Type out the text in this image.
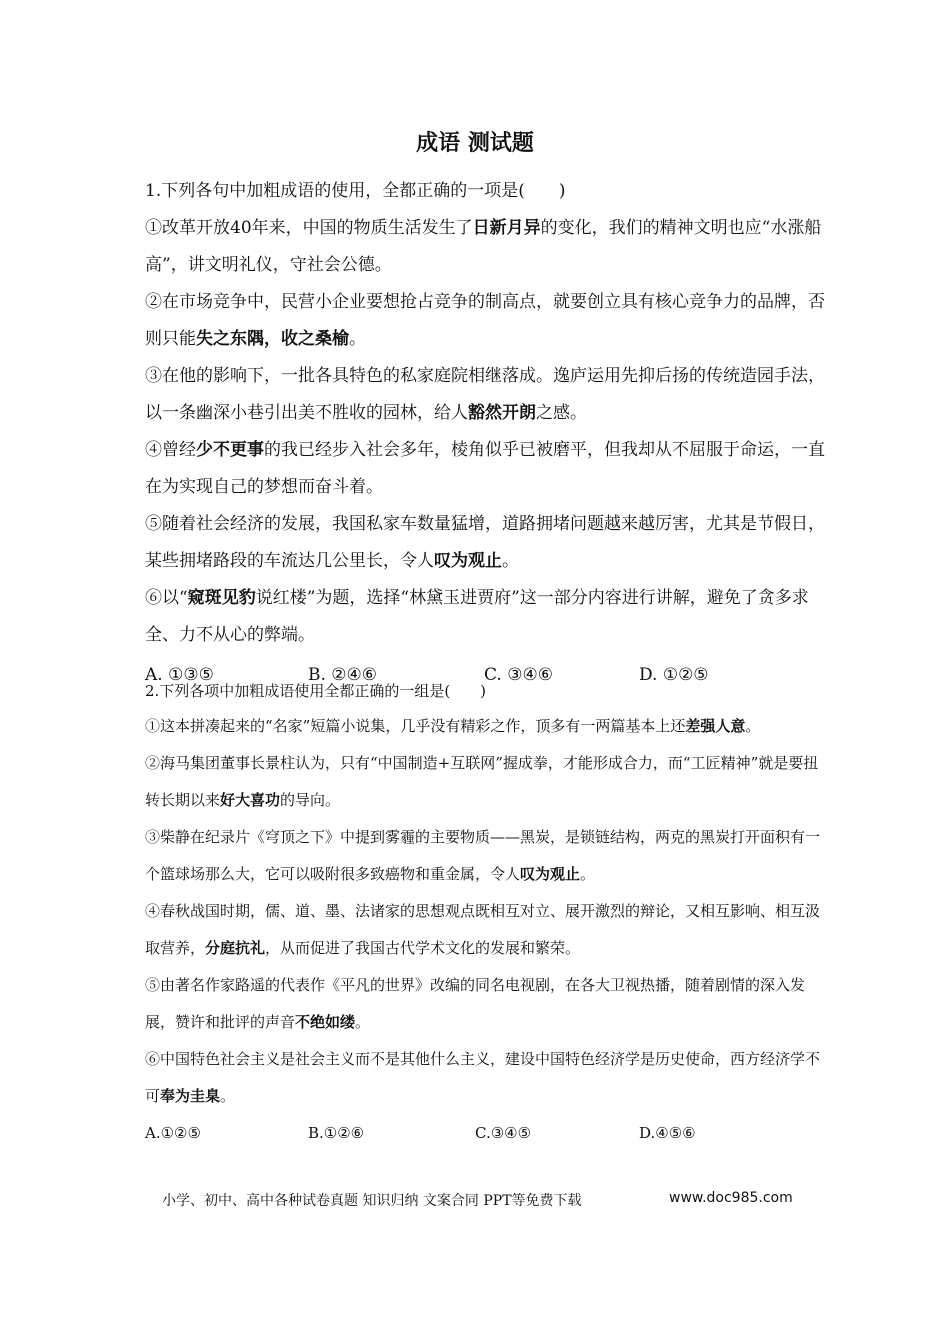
成语 测试题

1.下列各句中加粗成语的使用，全都正确的一项是(　　)

①改革开放40年来，中国的物质生活发生了日新月异的变化，我们的精神文明也应“水涨船高”，讲文明礼仪，守社会公德。

②在市场竞争中，民营小企业要想抢占竞争的制高点，就要创立具有核心竞争力的品牌，否则只能失之东隅，收之桑榆。

③在他的影响下，一批各具特色的私家庭院相继落成。逸庐运用先抑后扬的传统造园手法，以一条幽深小巷引出美不胜收的园林，给人豁然开朗之感。

④曾经少不更事的我已经步入社会多年，棱角似乎已被磨平，但我却从不屈服于命运，一直在为实现自己的梦想而奋斗着。

⑤随着社会经济的发展，我国私家车数量猛增，道路拥堵问题越来越厉害，尤其是节假日，某些拥堵路段的车流达几公里长，令人叹为观止。

⑥以“窥斑见豹说红楼”为题，选择“林黛玉进贾府”这一部分内容进行讲解，避免了贪多求全、力不从心的弊端。

A. ①③⑤	B. ②④⑥	C. ③④⑥	D. ①②⑤

2.下列各项中加粗成语使用全都正确的一组是(　　)

①这本拼凑起来的“名家”短篇小说集，几乎没有精彩之作，顶多有一两篇基本上还差强人意。

②海马集团董事长景柱认为，只有“中国制造+互联网”握成拳，才能形成合力，而“工匠精神”就是要扭转长期以来好大喜功的导向。

③柴静在纪录片《穹顶之下》中提到雾霾的主要物质——黑炭，是锁链结构，两克的黑炭打开面积有一个篮球场那么大，它可以吸附很多致癌物和重金属，令人叹为观止。

④春秋战国时期，儒、道、墨、法诸家的思想观点既相互对立、展开激烈的辩论，又相互影响、相互汲取营养，分庭抗礼，从而促进了我国古代学术文化的发展和繁荣。

⑤由著名作家路遥的代表作《平凡的世界》改编的同名电视剧，在各大卫视热播，随着剧情的深入发展，赞许和批评的声音不绝如缕。

⑥中国特色社会主义是社会主义而不是其他什么主义，建设中国特色经济学是历史使命，西方经济学不可奉为圭臬。

A.①②⑤	B.①②⑥	C.③④⑤	D.④⑤⑥
小学、初中、高中各种试卷真题 知识归纳 文案合同 PPT等免费下载	www.doc985.com
